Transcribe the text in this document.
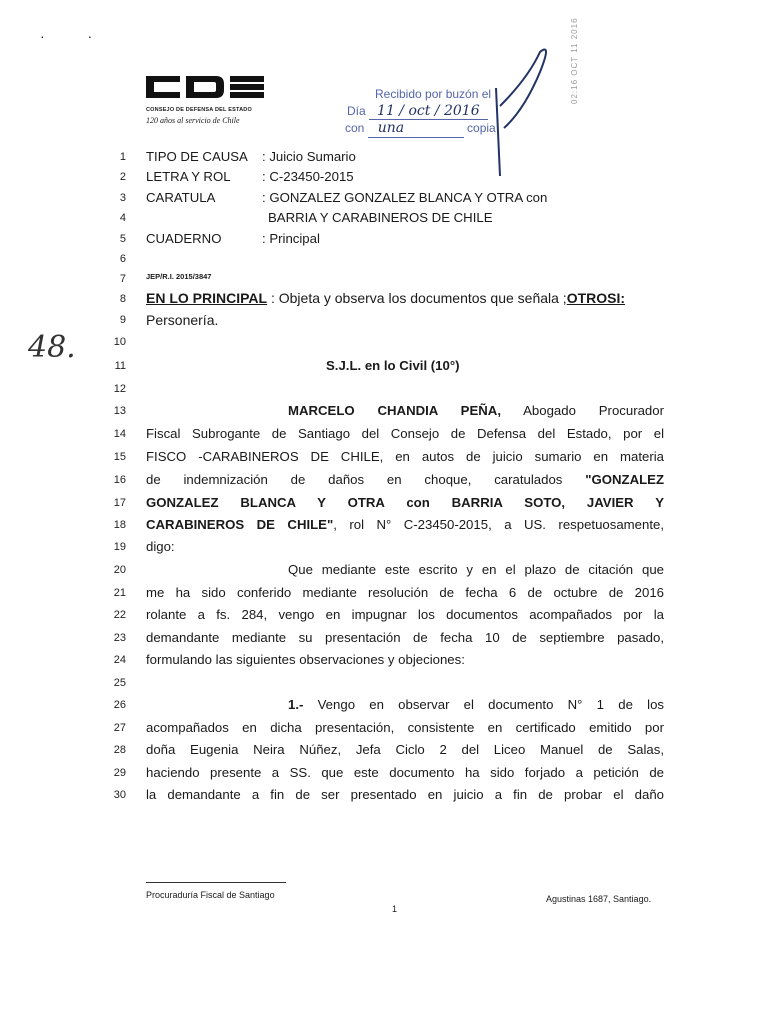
·           ·
CONSEJO DE DEFENSA DEL ESTADO
120 años al servicio de Chile
Recibido por buzón el
Día 11 / oct / 2016
con una	copia
02:16 OCT 11 2016
48.
1
2
3
4
5
6
7
8
9
10
11
12
13
14
15
16
17
18
19
20
21
22
23
24
25
26
27
28
29
30
TIPO DE CAUSA : Juicio Sumario
LETRA Y ROL : C-23450-2015
CARATULA	: GONZALEZ GONZALEZ BLANCA Y OTRA con
BARRIA Y CARABINEROS DE CHILE
CUADERNO	: Principal
JEP/R.I. 2015/3847
EN LO PRINCIPAL : Objeta y observa los documentos que señala ;OTROSI:
Personería.
S.J.L. en lo Civil (10°)
MARCELO CHANDIA PEÑA, Abogado Procurador
Fiscal Subrogante de Santiago del Consejo de Defensa del Estado, por el
FISCO -CARABINEROS DE CHILE, en autos de juicio sumario en materia
de indemnización de daños en choque, caratulados "GONZALEZ
GONZALEZ BLANCA Y OTRA con BARRIA SOTO, JAVIER Y
CARABINEROS DE CHILE", rol N° C-23450-2015, a US. respetuosamente,
digo:
Que mediante este escrito y en el plazo de citación que
me ha sido conferido mediante resolución de fecha 6 de octubre de 2016
rolante a fs. 284, vengo en impugnar los documentos acompañados por la
demandante mediante su presentación de fecha 10 de septiembre pasado,
formulando las siguientes observaciones y objeciones:
1.- Vengo en observar el documento N° 1 de los
acompañados en dicha presentación, consistente en certificado emitido por
doña Eugenia Neira Núñez, Jefa Ciclo 2 del Liceo Manuel de Salas,
haciendo presente a SS. que este documento ha sido forjado a petición de
la demandante a fin de ser presentado en juicio a fin de probar el daño
Procuraduría Fiscal de Santiago
1
Agustinas 1687, Santiago.
